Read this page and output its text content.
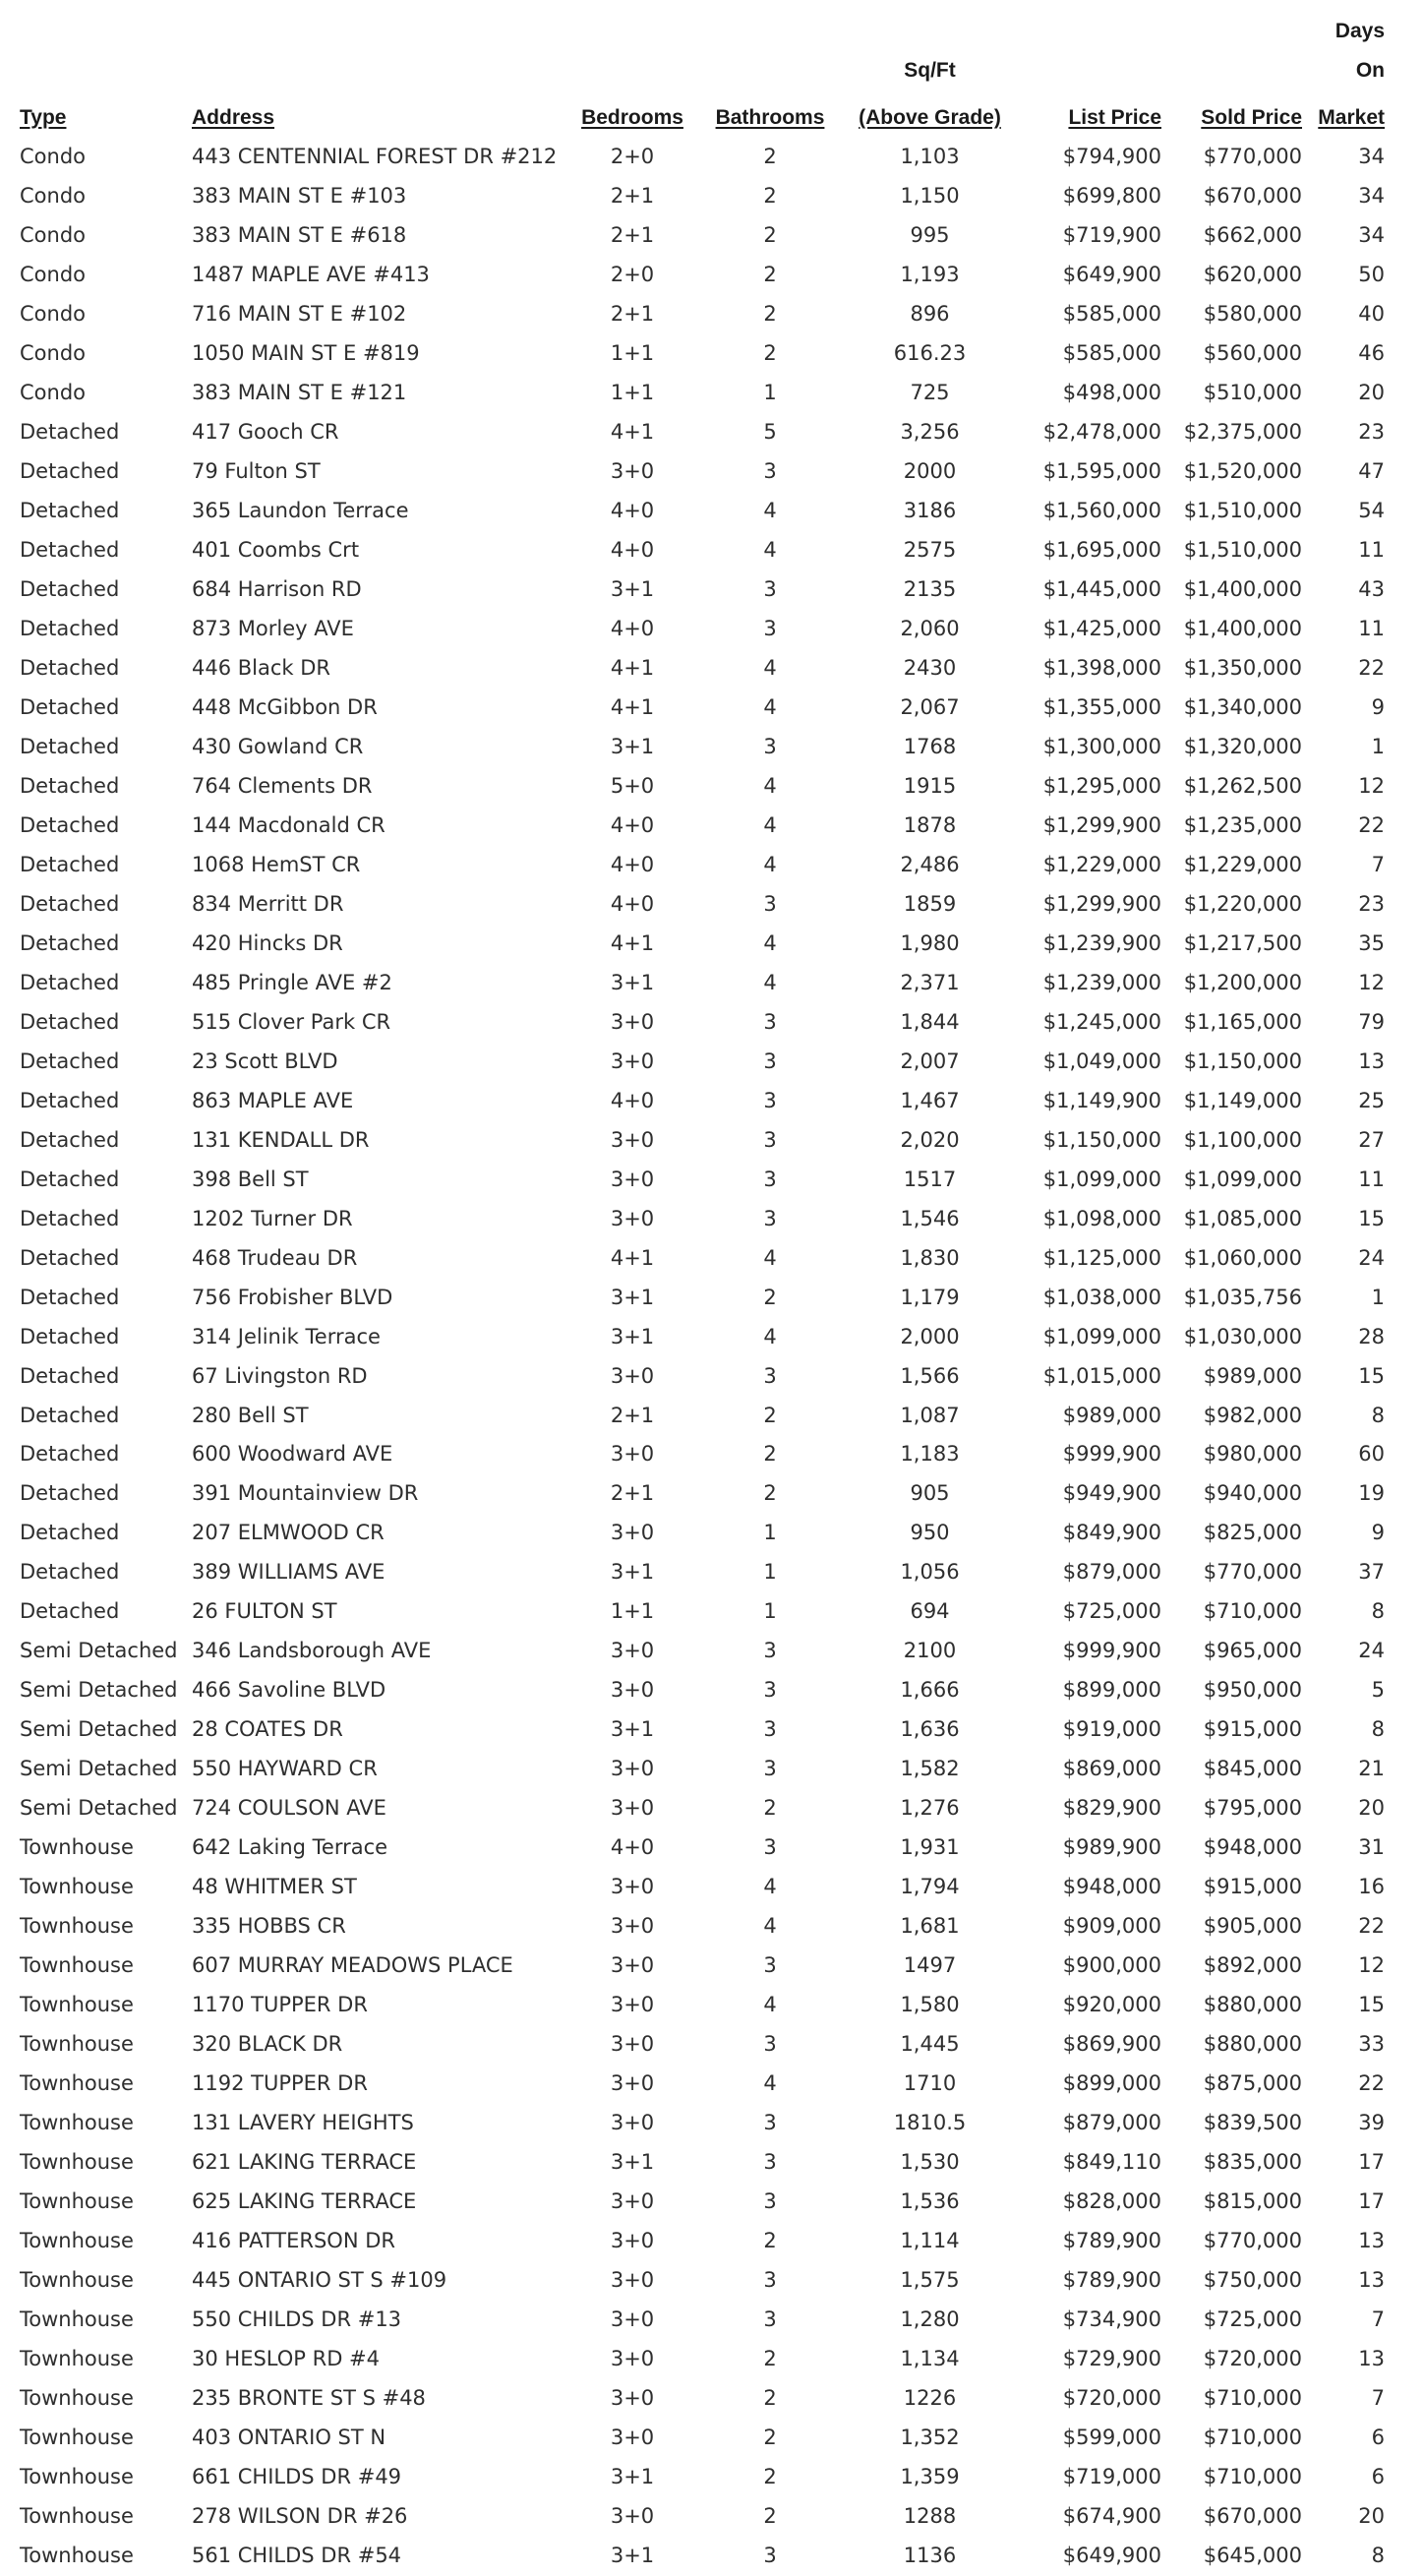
				Sq/Ft			Days On
Type	Address	Bedrooms	Bathrooms	(Above Grade)	List Price	Sold Price	Market
Condo	443 CENTENNIAL FOREST DR #212	2+0	2	1,103	$794,900	$770,000	34
Condo	383 MAIN ST E #103	2+1	2	1,150	$699,800	$670,000	34
Condo	383 MAIN ST E #618	2+1	2	995	$719,900	$662,000	34
Condo	1487 MAPLE AVE #413	2+0	2	1,193	$649,900	$620,000	50
Condo	716 MAIN ST E #102	2+1	2	896	$585,000	$580,000	40
Condo	1050 MAIN ST E #819	1+1	2	616.23	$585,000	$560,000	46
Condo	383 MAIN ST E #121	1+1	1	725	$498,000	$510,000	20
Detached	417 Gooch CR	4+1	5	3,256	$2,478,000	$2,375,000	23
Detached	79 Fulton ST	3+0	3	2000	$1,595,000	$1,520,000	47
Detached	365 Laundon Terrace	4+0	4	3186	$1,560,000	$1,510,000	54
Detached	401 Coombs Crt	4+0	4	2575	$1,695,000	$1,510,000	11
Detached	684 Harrison RD	3+1	3	2135	$1,445,000	$1,400,000	43
Detached	873 Morley AVE	4+0	3	2,060	$1,425,000	$1,400,000	11
Detached	446 Black DR	4+1	4	2430	$1,398,000	$1,350,000	22
Detached	448 McGibbon DR	4+1	4	2,067	$1,355,000	$1,340,000	9
Detached	430 Gowland CR	3+1	3	1768	$1,300,000	$1,320,000	1
Detached	764 Clements DR	5+0	4	1915	$1,295,000	$1,262,500	12
Detached	144 Macdonald CR	4+0	4	1878	$1,299,900	$1,235,000	22
Detached	1068 HemST CR	4+0	4	2,486	$1,229,000	$1,229,000	7
Detached	834 Merritt DR	4+0	3	1859	$1,299,900	$1,220,000	23
Detached	420 Hincks DR	4+1	4	1,980	$1,239,900	$1,217,500	35
Detached	485 Pringle AVE #2	3+1	4	2,371	$1,239,000	$1,200,000	12
Detached	515 Clover Park CR	3+0	3	1,844	$1,245,000	$1,165,000	79
Detached	23 Scott BLVD	3+0	3	2,007	$1,049,000	$1,150,000	13
Detached	863 MAPLE AVE	4+0	3	1,467	$1,149,900	$1,149,000	25
Detached	131 KENDALL DR	3+0	3	2,020	$1,150,000	$1,100,000	27
Detached	398 Bell ST	3+0	3	1517	$1,099,000	$1,099,000	11
Detached	1202 Turner DR	3+0	3	1,546	$1,098,000	$1,085,000	15
Detached	468 Trudeau DR	4+1	4	1,830	$1,125,000	$1,060,000	24
Detached	756 Frobisher BLVD	3+1	2	1,179	$1,038,000	$1,035,756	1
Detached	314 Jelinik Terrace	3+1	4	2,000	$1,099,000	$1,030,000	28
Detached	67 Livingston RD	3+0	3	1,566	$1,015,000	$989,000	15
Detached	280 Bell ST	2+1	2	1,087	$989,000	$982,000	8
Detached	600 Woodward AVE	3+0	2	1,183	$999,900	$980,000	60
Detached	391 Mountainview DR	2+1	2	905	$949,900	$940,000	19
Detached	207 ELMWOOD CR	3+0	1	950	$849,900	$825,000	9
Detached	389 WILLIAMS AVE	3+1	1	1,056	$879,000	$770,000	37
Detached	26 FULTON ST	1+1	1	694	$725,000	$710,000	8
Semi Detached	346 Landsborough AVE	3+0	3	2100	$999,900	$965,000	24
Semi Detached	466 Savoline BLVD	3+0	3	1,666	$899,000	$950,000	5
Semi Detached	28 COATES DR	3+1	3	1,636	$919,000	$915,000	8
Semi Detached	550 HAYWARD CR	3+0	3	1,582	$869,000	$845,000	21
Semi Detached	724 COULSON AVE	3+0	2	1,276	$829,900	$795,000	20
Townhouse	642 Laking Terrace	4+0	3	1,931	$989,900	$948,000	31
Townhouse	48 WHITMER ST	3+0	4	1,794	$948,000	$915,000	16
Townhouse	335 HOBBS CR	3+0	4	1,681	$909,000	$905,000	22
Townhouse	607 MURRAY MEADOWS PLACE	3+0	3	1497	$900,000	$892,000	12
Townhouse	1170 TUPPER DR	3+0	4	1,580	$920,000	$880,000	15
Townhouse	320 BLACK DR	3+0	3	1,445	$869,900	$880,000	33
Townhouse	1192 TUPPER DR	3+0	4	1710	$899,000	$875,000	22
Townhouse	131 LAVERY HEIGHTS	3+0	3	1810.5	$879,000	$839,500	39
Townhouse	621 LAKING TERRACE	3+1	3	1,530	$849,110	$835,000	17
Townhouse	625 LAKING TERRACE	3+0	3	1,536	$828,000	$815,000	17
Townhouse	416 PATTERSON DR	3+0	2	1,114	$789,900	$770,000	13
Townhouse	445 ONTARIO ST S #109	3+0	3	1,575	$789,900	$750,000	13
Townhouse	550 CHILDS DR #13	3+0	3	1,280	$734,900	$725,000	7
Townhouse	30 HESLOP RD #4	3+0	2	1,134	$729,900	$720,000	13
Townhouse	235 BRONTE ST S #48	3+0	2	1226	$720,000	$710,000	7
Townhouse	403 ONTARIO ST N	3+0	2	1,352	$599,000	$710,000	6
Townhouse	661 CHILDS DR #49	3+1	2	1,359	$719,000	$710,000	6
Townhouse	278 WILSON DR #26	3+0	2	1288	$674,900	$670,000	20
Townhouse	561 CHILDS DR #54	3+1	3	1136	$649,900	$645,000	8
